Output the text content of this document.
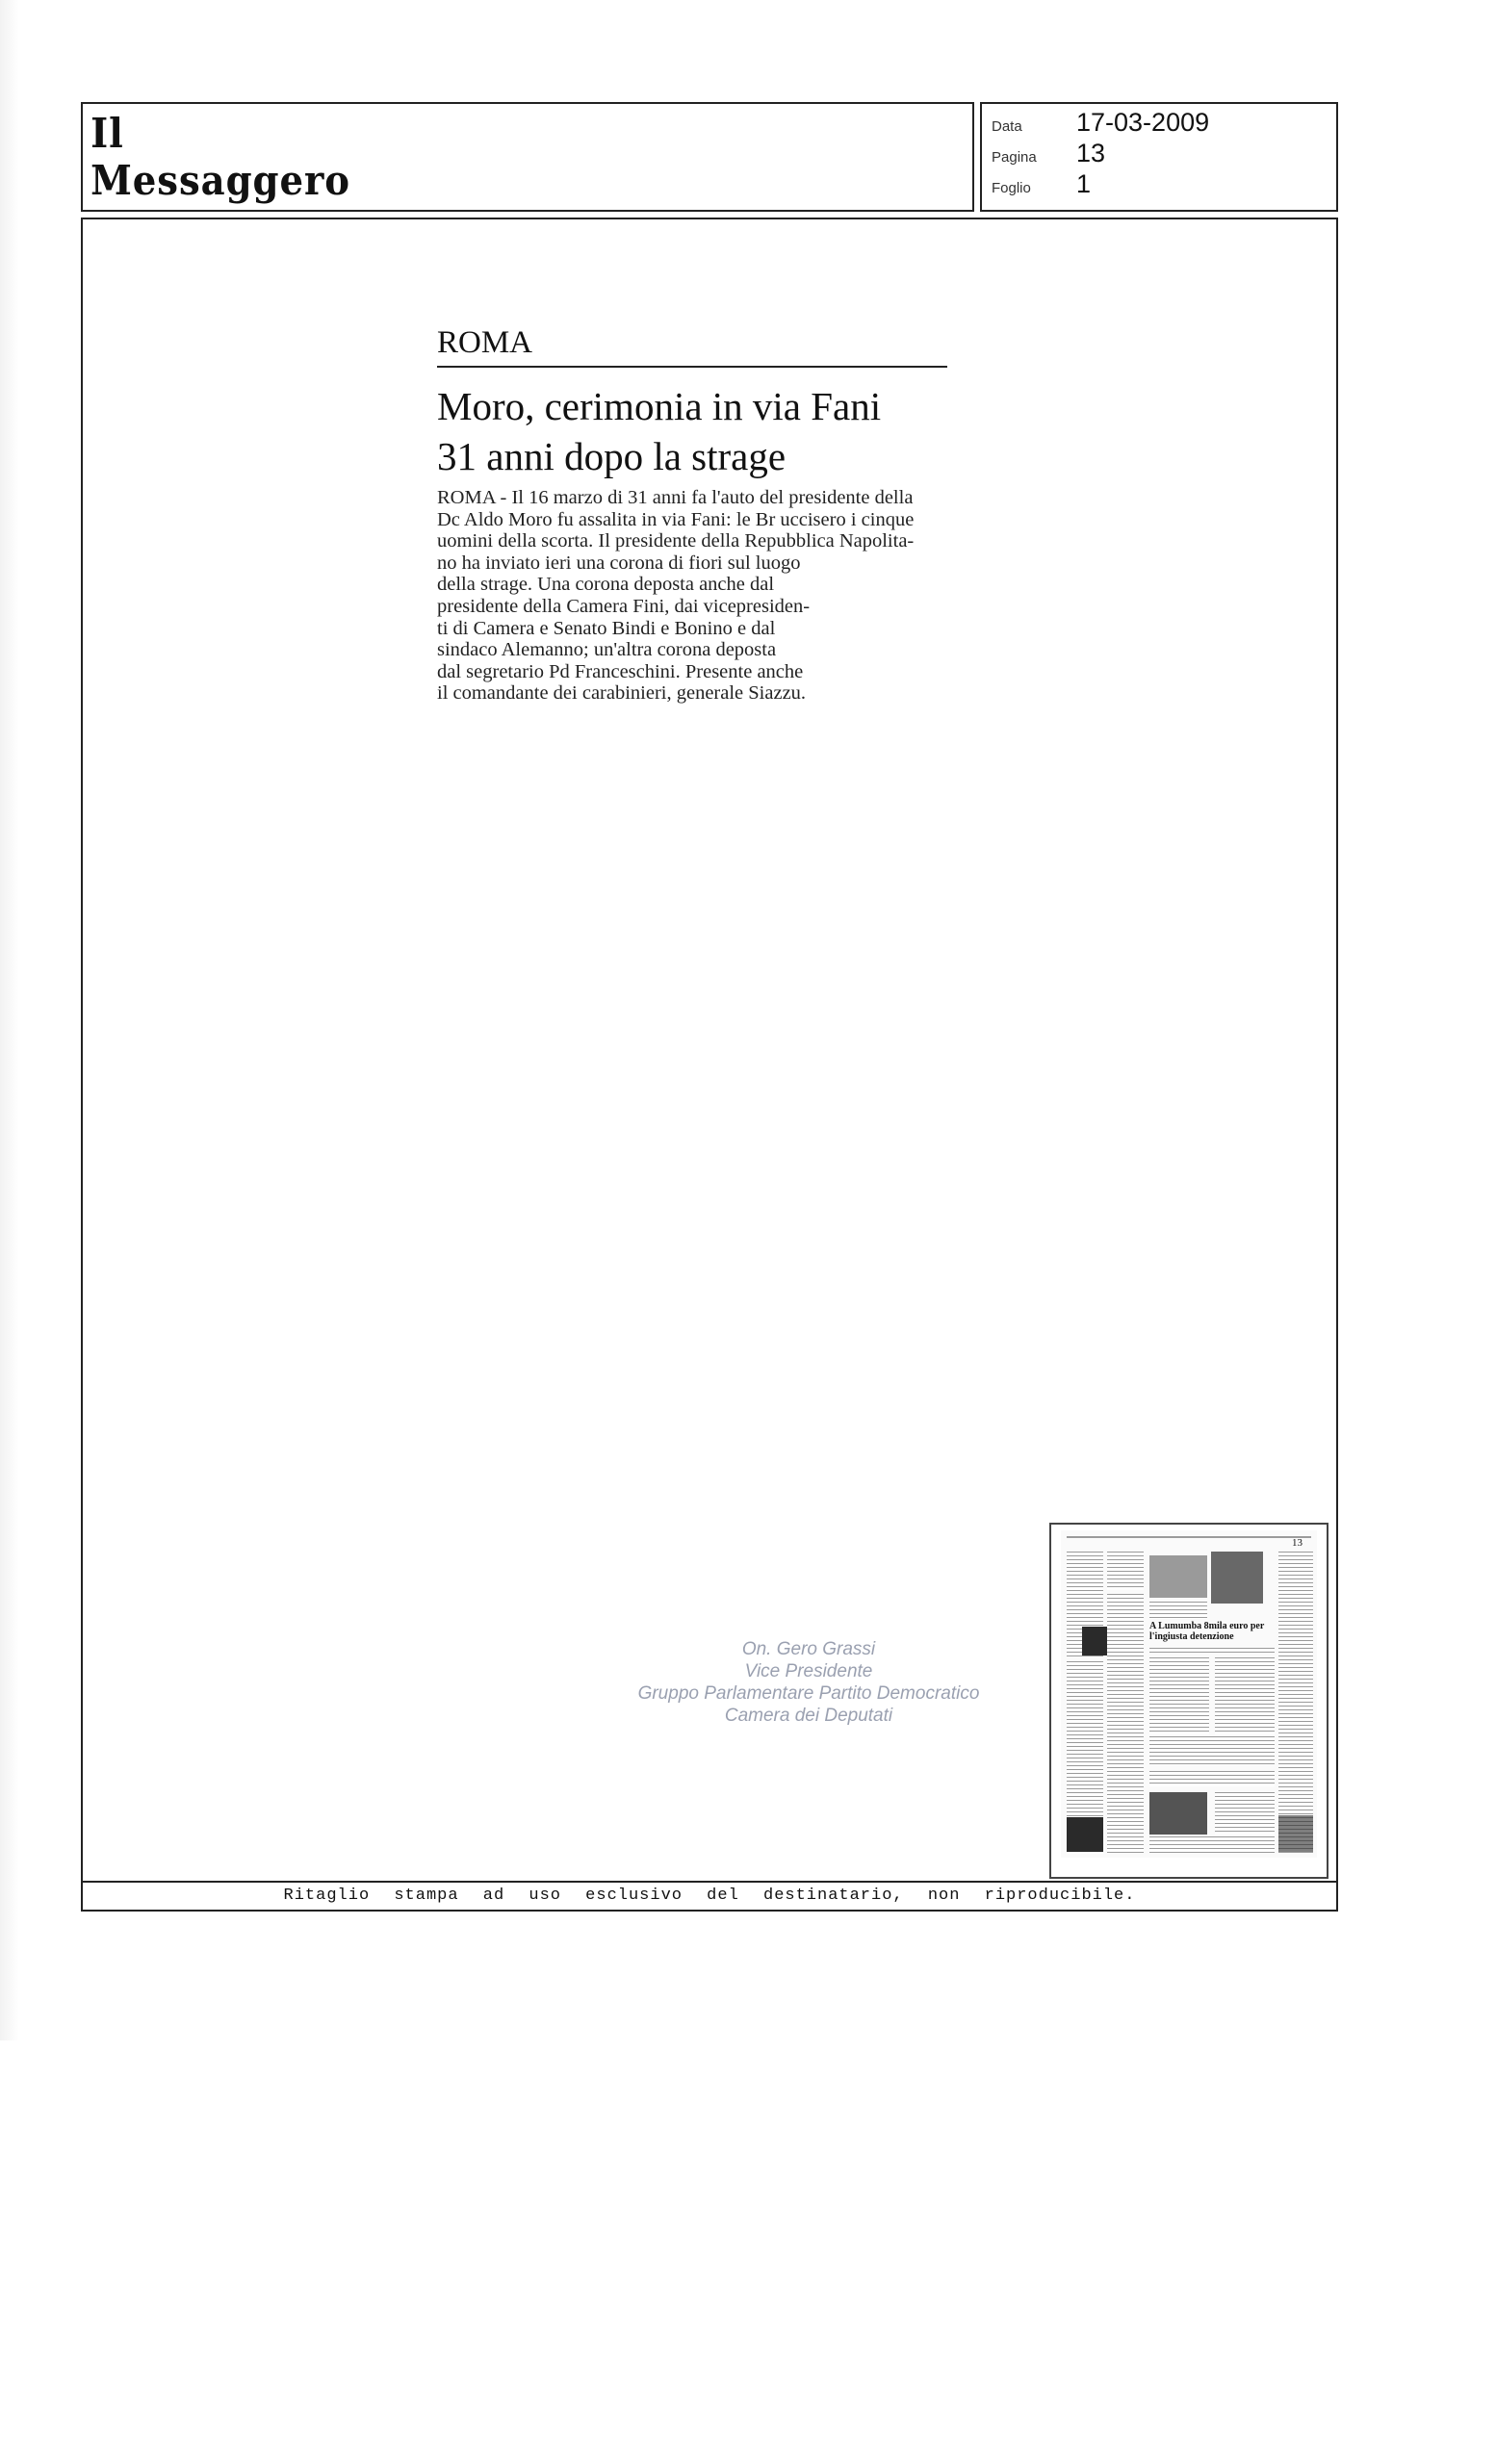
Il Messaggero
Data	17-03-2009
Pagina	13
Foglio	1
ROMA
Moro, cerimonia in via Fani
31 anni dopo la strage
ROMA - Il 16 marzo di 31 anni fa l'auto del presidente della
Dc Aldo Moro fu assalita in via Fani: le Br uccisero i cinque
uomini della scorta. Il presidente della Repubblica Napolita-
no ha inviato ieri una corona di fiori sul luogo
della strage. Una corona deposta anche dal
presidente della Camera Fini, dai vicepresiden-
ti di Camera e Senato Bindi e Bonino e dal
sindaco Alemanno; un'altra corona deposta
dal segretario Pd Franceschini. Presente anche
il comandante dei carabinieri, generale Siazzu.
On. Gero Grassi
Vice Presidente
Gruppo Parlamentare Partito Democratico
Camera dei Deputati
13
A Lumumba 8mila euro per l'ingiusta detenzione
Ritaglio stampa ad uso esclusivo del destinatario, non riproducibile.
